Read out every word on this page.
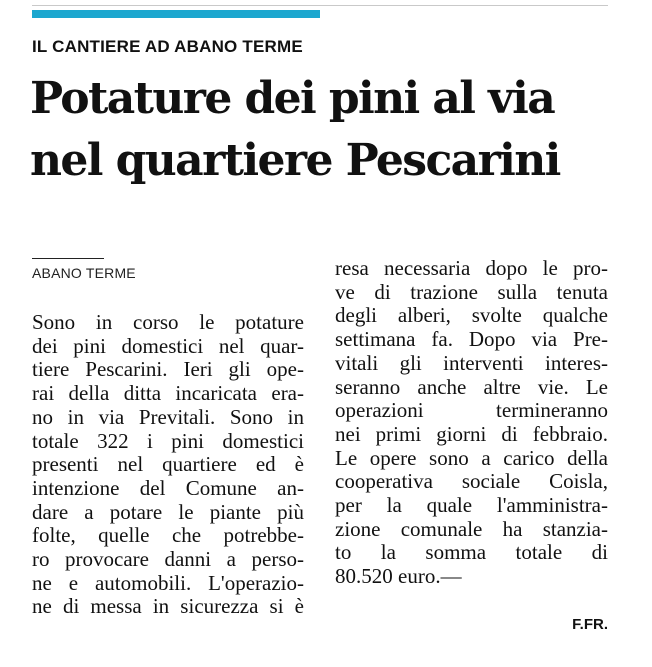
IL CANTIERE AD ABANO TERME
Potature dei pini al via
nel quartiere Pescarini
ABANO TERME
Sono in corso le potature
dei pini domestici nel quar-
tiere Pescarini. Ieri gli ope-
rai della ditta incaricata era-
no in via Previtali. Sono in
totale 322 i pini domestici
presenti nel quartiere ed è
intenzione del Comune an-
dare a potare le piante più
folte, quelle che potrebbe-
ro provocare danni a perso-
ne e automobili. L'operazio-
ne di messa in sicurezza si è
resa necessaria dopo le pro-
ve di trazione sulla tenuta
degli alberi, svolte qualche
settimana fa. Dopo via Pre-
vitali gli interventi interes-
seranno anche altre vie. Le
operazioni termineranno
nei primi giorni di febbraio.
Le opere sono a carico della
cooperativa sociale Coisla,
per la quale l'amministra-
zione comunale ha stanzia-
to la somma totale di
80.520 euro.—
F.FR.
